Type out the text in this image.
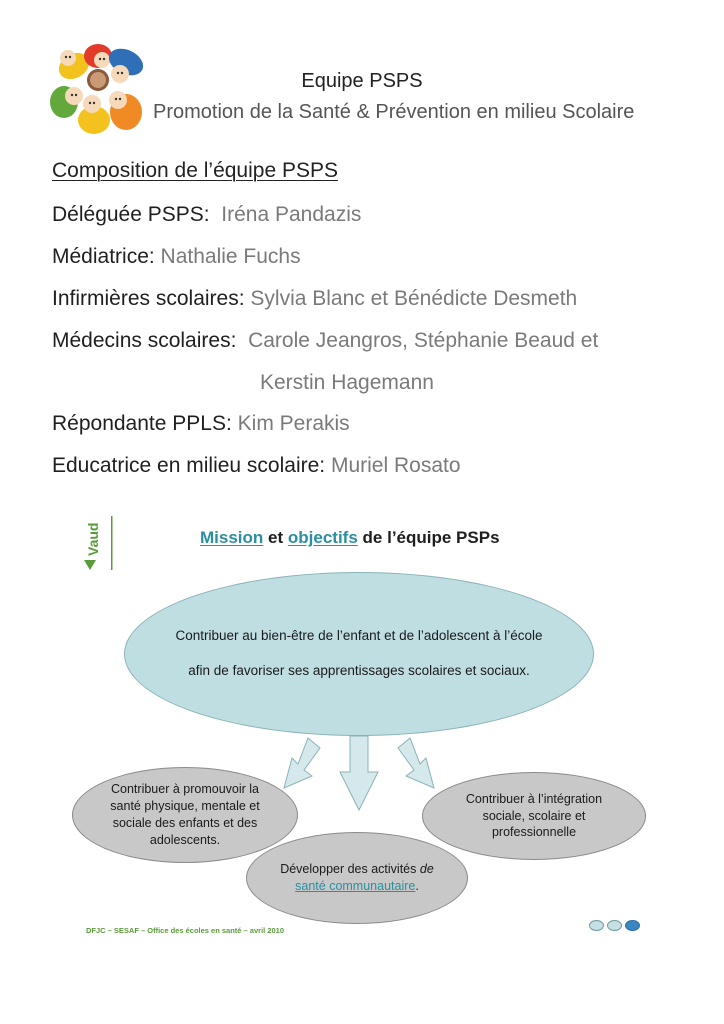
Equipe PSPS
Promotion de la Santé & Prévention en milieu Scolaire
Composition de l’équipe PSPS
Déléguée PSPS: Iréna Pandazis
Médiatrice: Nathalie Fuchs
Infirmières scolaires: Sylvia Blanc et Bénédicte Desmeth
Médecins scolaires: Carole Jeangros, Stéphanie Beaud et
Kerstin Hagemann
Répondante PPLS: Kim Perakis
Educatrice en milieu scolaire: Muriel Rosato
Vaud	Mission et objectifs de l’équipe PSPs
Contribuer au bien-être de l’enfant et de l’adolescent à l’école
afin de favoriser ses apprentissages scolaires et sociaux.
Contribuer à promouvoir la santé physique, mentale et sociale des enfants et des adolescents.
Contribuer à l’intégration sociale, scolaire et professionnelle
Développer des activités de
santé communautaire.
DFJC – SESAF – Office des écoles en santé – avril 2010
